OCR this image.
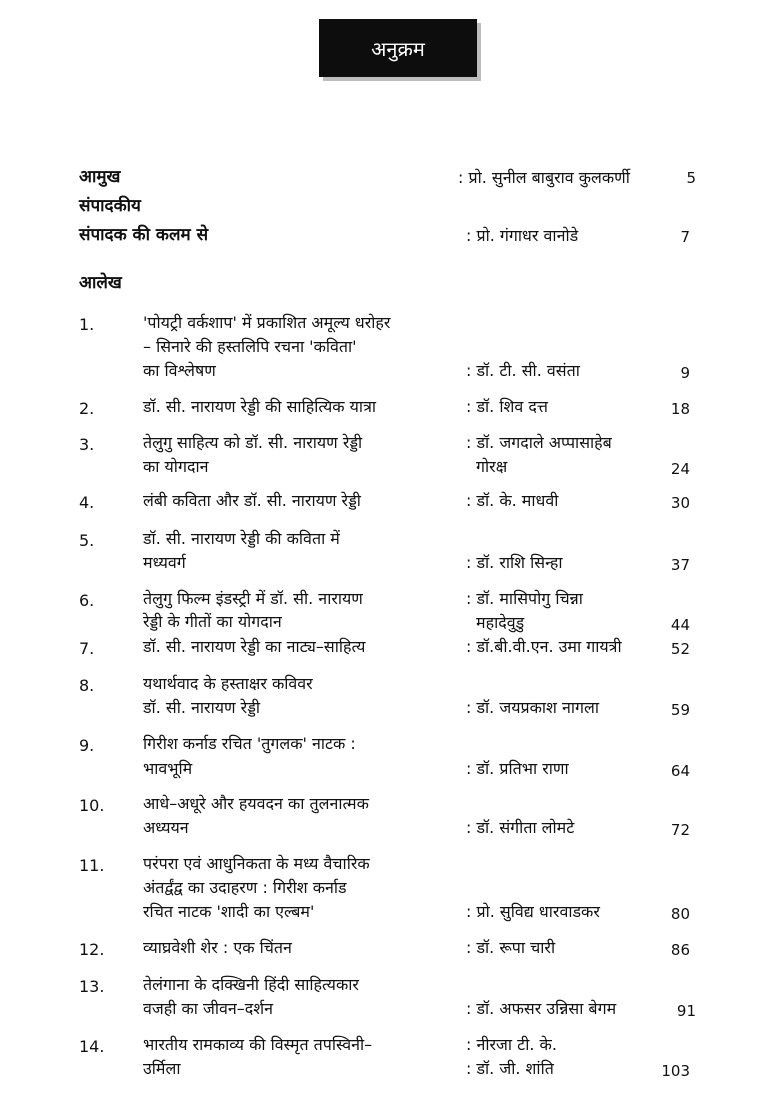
अनुक्रम
आमुख	: प्रो. सुनील बाबुराव कुलकर्णी	5
संपादकीय
संपादक की कलम से	: प्रो. गंगाधर वानोडे	7
आलेख
1.	'पोयट्री वर्कशाप' में प्रकाशित अमूल्य धरोहर
– सिनारे की हस्तलिपि रचना 'कविता'
का विश्लेषण	: डॉ. टी. सी. वसंता	9
2.	डॉ. सी. नारायण रेड्डी की साहित्यिक यात्रा	: डॉ. शिव दत्त	18
3.	तेलुगु साहित्य को डॉ. सी. नारायण रेड्डी
का योगदान
: डॉ. जगदाले अप्पासाहेब
गोरक्ष	24
4.	लंबी कविता और डॉ. सी. नारायण रेड्डी	: डॉ. के. माधवी	30
5.	डॉ. सी. नारायण रेड्डी की कविता में
मध्यवर्ग	: डॉ. राशि सिन्हा	37
6.	तेलुगु फिल्म इंडस्ट्री में डॉ. सी. नारायण
रेड्डी के गीतों का योगदान
: डॉ. मासिपोगु चिन्ना
महादेवुडु	44
7.	डॉ. सी. नारायण रेड्डी का नाट्य–साहित्य	: डॉ.बी.वी.एन. उमा गायत्री	52
8.	यथार्थवाद के हस्ताक्षर कविवर
डॉ. सी. नारायण रेड्डी	: डॉ. जयप्रकाश नागला	59
9.	गिरीश कर्नाड रचित 'तुगलक' नाटक :
भावभूमि	: डॉ. प्रतिभा राणा	64
10. आधे–अधूरे और हयवदन का तुलनात्मक
अध्ययन	: डॉ. संगीता लोमटे	72
11. परंपरा एवं आधुनिकता के मध्य वैचारिक
अंतर्द्वंद्व का उदाहरण : गिरीश कर्नाड
रचित नाटक 'शादी का एल्बम'	: प्रो. सुविद्य धारवाडकर	80
12. व्याघ्रवेशी शेर : एक चिंतन	: डॉ. रूपा चारी	86
13. तेलंगाना के दक्खिनी हिंदी साहित्यकार
वजही का जीवन–दर्शन	: डॉ. अफसर उन्निसा बेगम	91
14. भारतीय रामकाव्य की विस्मृत तपस्विनी–
उर्मिला
: नीरजा टी. के.
: डॉ. जी. शांति	103
